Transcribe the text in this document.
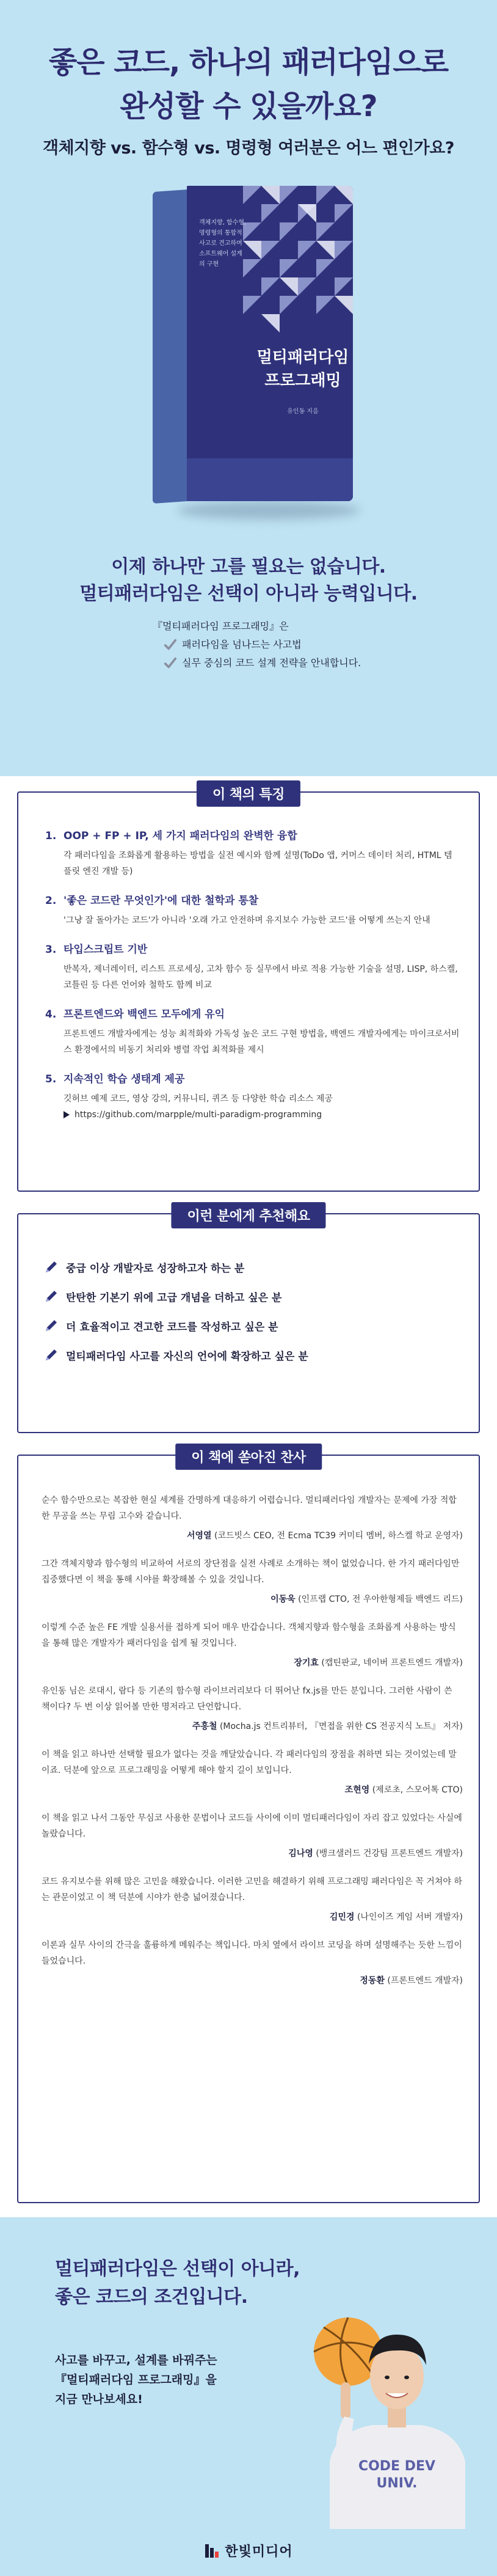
좋은 코드, 하나의 패러다임으로
완성할 수 있을까요?
객체지향 vs. 함수형 vs. 명령형 여러분은 어느 편인가요?
객체지향, 함수형, 명령형의 통합적 사고로 견고하며 소프트웨어 설계의 구현
멀티패러다임
프로그래밍
유인동 지음
이제 하나만 고를 필요는 없습니다.
멀티패러다임은 선택이 아니라 능력입니다.
『멀티패러다임 프로그래밍』은
패러다임을 넘나드는 사고법
실무 중심의 코드 설계 전략을 안내합니다.
이 책의 특징
1. OOP + FP + IP, 세 가지 패러다임의 완벽한 융합
각 패러다임을 조화롭게 활용하는 방법을 실전 예시와 함께 설명(ToDo 앱, 커머스 데이터 처리, HTML 템플릿 엔진 개발 등)
2. '좋은 코드란 무엇인가'에 대한 철학과 통찰
'그냥 잘 돌아가는 코드'가 아니라 '오래 가고 안전하며 유지보수 가능한 코드'를 어떻게 쓰는지 안내
3. 타입스크립트 기반
반복자, 제너레이터, 리스트 프로세싱, 고차 함수 등 실무에서 바로 적용 가능한 기술을 설명, LISP, 하스켈, 코틀린 등 다른 언어와 철학도 함께 비교
4. 프론트엔드와 백엔드 모두에게 유익
프론트엔드 개발자에게는 성능 최적화와 가독성 높은 코드 구현 방법을, 백엔드 개발자에게는 마이크로서비스 환경에서의 비동기 처리와 병렬 작업 최적화를 제시
5. 지속적인 학습 생태계 제공
깃허브 예제 코드, 영상 강의, 커뮤니티, 퀴즈 등 다양한 학습 리소스 제공
https://github.com/marpple/multi-paradigm-programming
이런 분에게 추천해요
중급 이상 개발자로 성장하고자 하는 분
탄탄한 기본기 위에 고급 개념을 더하고 싶은 분
더 효율적이고 견고한 코드를 작성하고 싶은 분
멀티패러다임 사고를 자신의 언어에 확장하고 싶은 분
이 책에 쏟아진 찬사
순수 함수만으로는 복잡한 현실 세계를 간명하게 대응하기 어렵습니다. 멀티패러다임 개발자는 문제에 가장 적합한 무공을 쓰는 무림 고수와 같습니다.
서영열 (코드빗스 CEO, 전 Ecma TC39 커미티 멤버, 하스켈 학교 운영자)
그간 객체지향과 함수형의 비교하여 서로의 장단점을 실전 사례로 소개하는 책이 없었습니다. 한 가지 패러다임만 집중했다면 이 책을 통해 시야를 확장해볼 수 있을 것입니다.
이동욱 (인프랩 CTO, 전 우아한형제들 백엔드 리드)
이렇게 수준 높은 FE 개발 실용서를 접하게 되어 매우 반갑습니다. 객체지향과 함수형을 조화롭게 사용하는 방식을 통해 많은 개발자가 패러다임을 쉽게 될 것입니다.
장기효 (캡틴판교, 네이버 프론트엔드 개발자)
유인동 님은 로대시, 람다 등 기존의 함수형 라이브러리보다 더 뛰어난 fx.js를 만든 분입니다. 그러한 사람이 쓴 책이다? 두 번 이상 읽어볼 만한 명저라고 단언합니다.
주홍철 (Mocha.js 컨트리뷰터, 『면접을 위한 CS 전공지식 노트』 저자)
이 책을 읽고 하나만 선택할 필요가 없다는 것을 깨달았습니다. 각 패러다임의 장점을 취하면 되는 것이었는데 말이죠. 덕분에 앞으로 프로그래밍을 어떻게 해야 할지 길이 보입니다.
조현영 (제로초, 스모어톡 CTO)
이 책을 읽고 나서 그동안 무심코 사용한 문법이나 코드들 사이에 이미 멀티패러다임이 자리 잡고 있었다는 사실에 놀랐습니다.
김나영 (뱅크샐러드 건강팀 프론트엔드 개발자)
코드 유지보수를 위해 많은 고민을 해왔습니다. 이러한 고민을 해결하기 위해 프로그래밍 패러다임은 꼭 거쳐야 하는 관문이었고 이 책 덕분에 시야가 한층 넓어졌습니다.
김민경 (나인이즈 게임 서버 개발자)
이론과 실무 사이의 간극을 훌륭하게 메워주는 책입니다. 마치 옆에서 라이브 코딩을 하며 설명해주는 듯한 느낌이 들었습니다.
정동환 (프론트엔드 개발자)
멀티패러다임은 선택이 아니라,
좋은 코드의 조건입니다.
사고를 바꾸고, 설계를 바꿔주는
『멀티패러다임 프로그래밍』을
지금 만나보세요!
CODE DEV
UNIV.
한빛미디어
